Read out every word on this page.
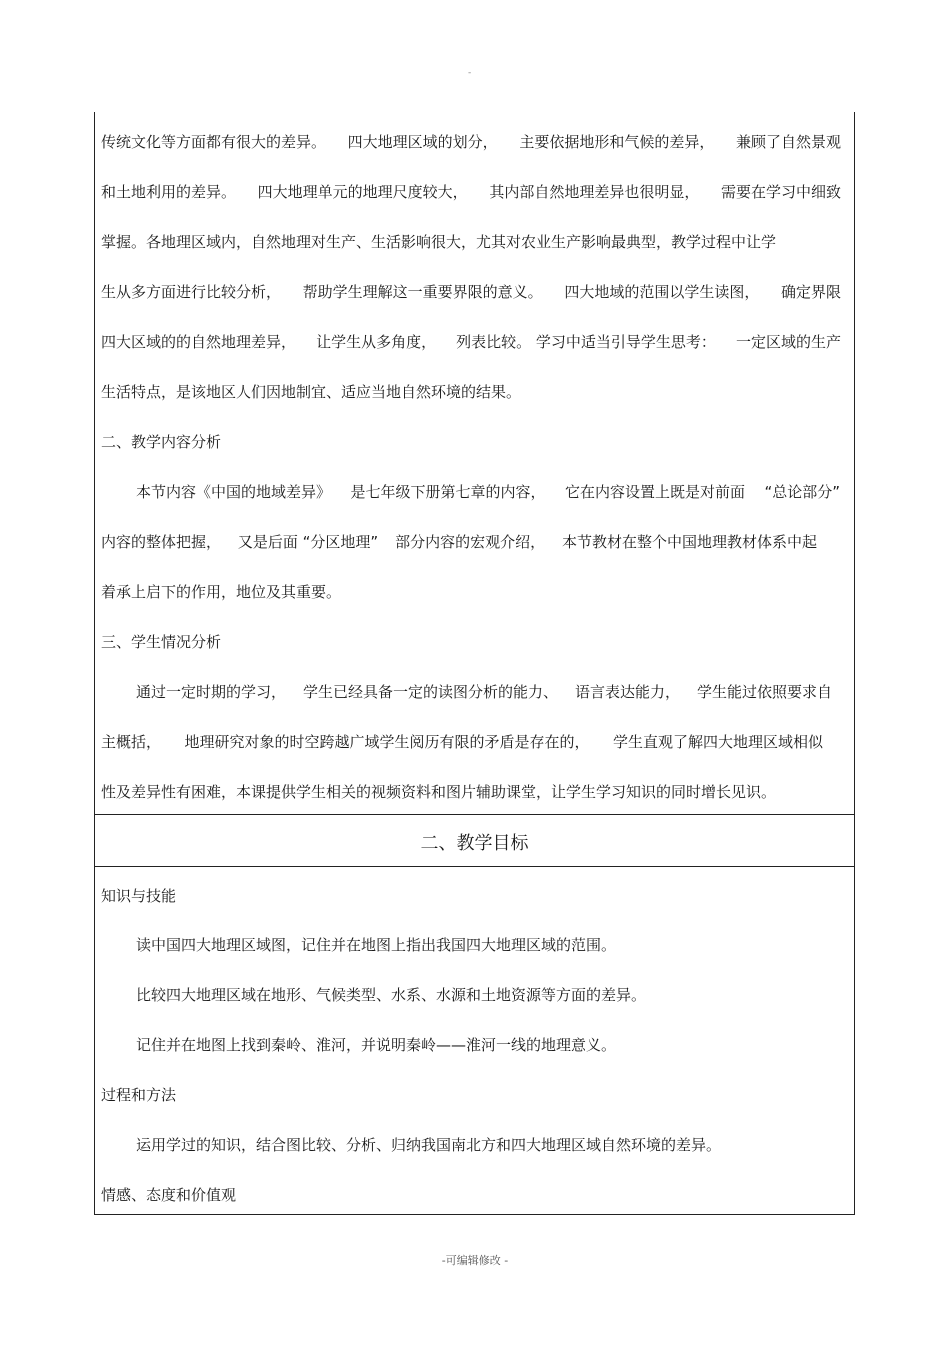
-
传统文化等方面都有很大的差异。 四大地理区域的划分， 主要依据地形和气候的差异， 兼顾了自然景观
和土地利用的差异。 四大地理单元的地理尺度较大， 其内部自然地理差异也很明显， 需要在学习中细致
掌握。各地理区域内，自然地理对生产、生活影响很大，尤其对农业生产影响最典型，教学过程中让学
生从多方面进行比较分析， 帮助学生理解这一重要界限的意义。 四大地域的范围以学生读图， 确定界限
四大区域的的自然地理差异， 让学生从多角度， 列表比较。 学习中适当引导学生思考： 一定区域的生产
生活特点，是该地区人们因地制宜、适应当地自然环境的结果。
二、教学内容分析
本节内容《中国的地域差异》 是七年级下册第七章的内容， 它在内容设置上既是对前面 “总论部分”
内容的整体把握， 又是后面 “分区地理” 部分内容的宏观介绍， 本节教材在整个中国地理教材体系中起
着承上启下的作用，地位及其重要。
三、学生情况分析
通过一定时期的学习， 学生已经具备一定的读图分析的能力、 语言表达能力， 学生能过依照要求自
主概括， 地理研究对象的时空跨越广域学生阅历有限的矛盾是存在的， 学生直观了解四大地理区域相似
性及差异性有困难，本课提供学生相关的视频资料和图片辅助课堂，让学生学习知识的同时增长见识。
二、教学目标
知识与技能
读中国四大地理区域图，记住并在地图上指出我国四大地理区域的范围。
比较四大地理区域在地形、气候类型、水系、水源和土地资源等方面的差异。
记住并在地图上找到秦岭、淮河，并说明秦岭——淮河一线的地理意义。
过程和方法
运用学过的知识，结合图比较、分析、归纳我国南北方和四大地理区域自然环境的差异。
情感、态度和价值观
-可编辑修改 -
